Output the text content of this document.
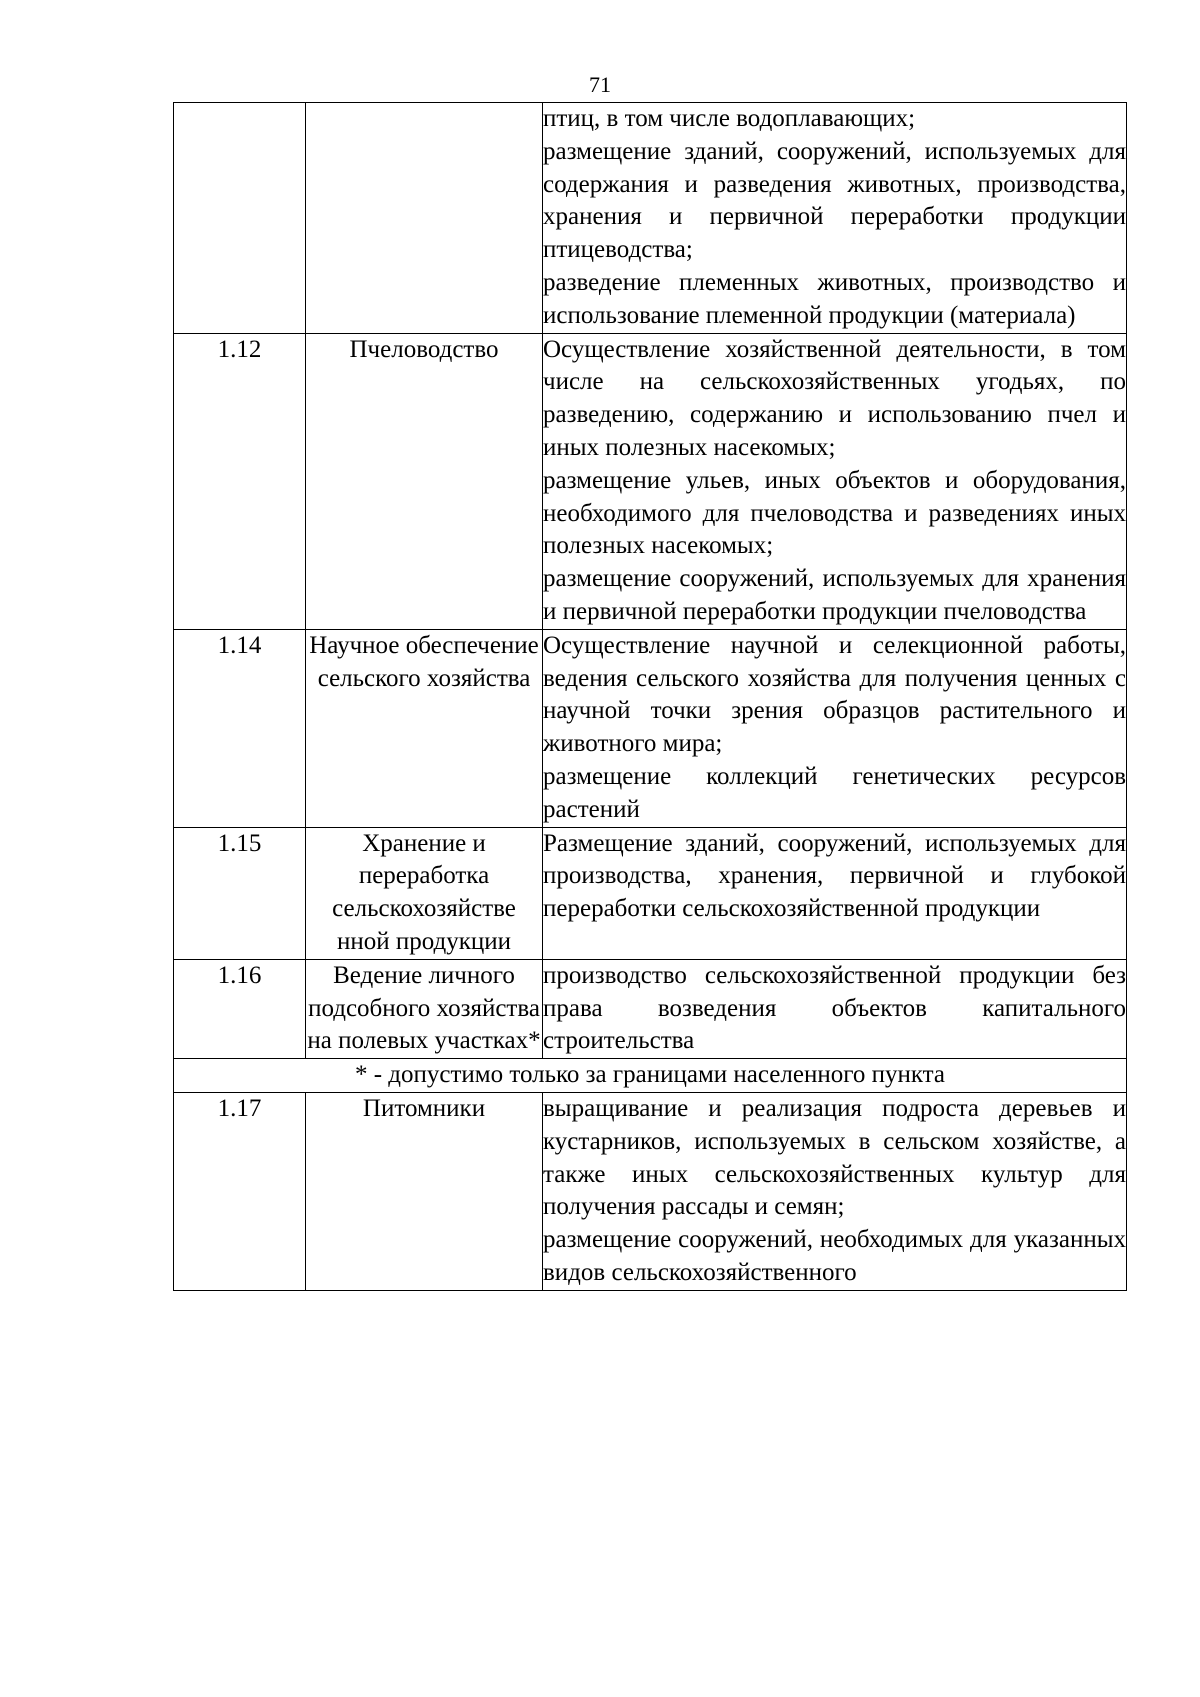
71

		птиц, в том числе водоплавающих;
размещение зданий, сооружений, используемых для содержания и разведения животных, производства, хранения и первичной переработки продукции птицеводства;
разведение племенных животных, производство и использование племенной продукции (материала)

1.12	Пчеловодство	Осуществление хозяйственной деятельности, в том числе на сельскохозяйственных угодьях, по разведению, содержанию и использованию пчел и иных полезных насекомых;
размещение ульев, иных объектов и оборудования, необходимого для пчеловодства и разведениях иных полезных насекомых;
размещение сооружений, используемых для хранения и первичной переработки продукции пчеловодства

1.14	Научное обеспечение сельского хозяйства	Осуществление научной и селекционной работы, ведения сельского хозяйства для получения ценных с научной точки зрения образцов растительного и животного мира;
размещение коллекций генетических ресурсов растений

1.15	Хранение и переработка сельскохозяйстве нной продукции	Размещение зданий, сооружений, используемых для производства, хранения, первичной и глубокой переработки сельскохозяйственной продукции

1.16	Ведение личного подсобного хозяйства на полевых участках*	производство сельскохозяйственной продукции без права возведения объектов капитального строительства

* - допустимо только за границами населенного пункта		
1.17	Питомники	выращивание и реализация подроста деревьев и кустарников, используемых в сельском хозяйстве, а также иных сельскохозяйственных культур для получения рассады и семян;
размещение сооружений, необходимых для указанных видов сельскохозяйственного
